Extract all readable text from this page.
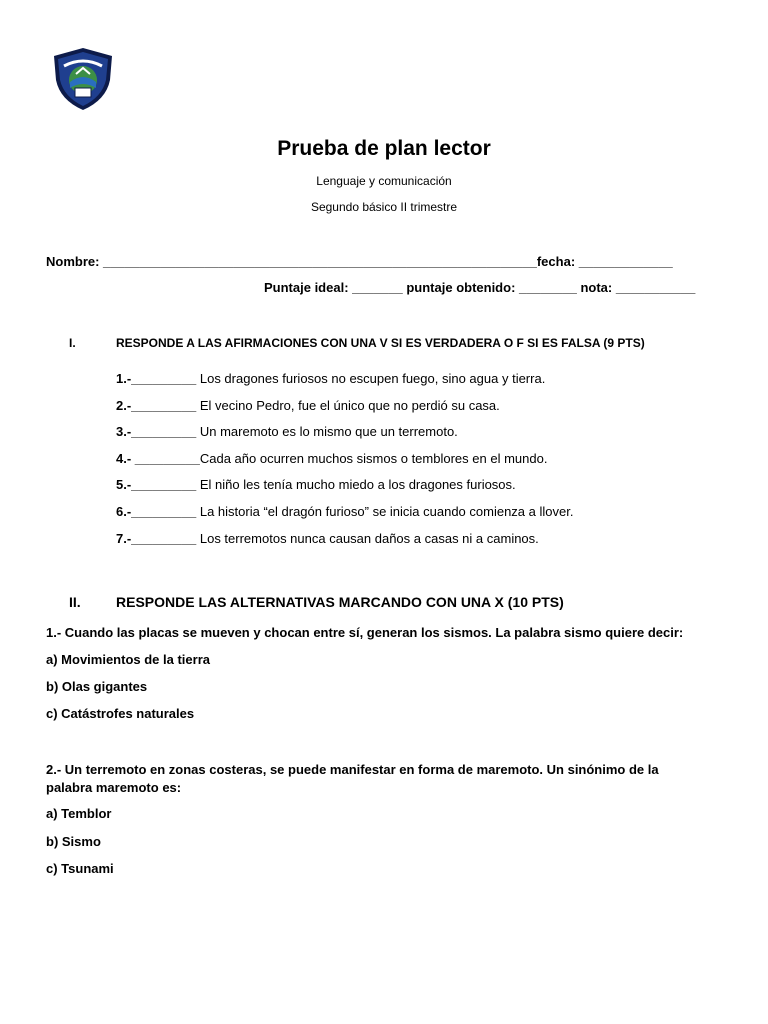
Prueba de plan lector
Lenguaje y comunicación
Segundo básico II trimestre
Nombre: ____________________________________________________________fecha: _____________
Puntaje ideal: _______ puntaje obtenido: ________ nota: ___________
I.	RESPONDE A LAS AFIRMACIONES CON UNA V SI ES VERDADERA O F SI ES FALSA (9 PTS)
1.-_________ Los dragones furiosos no escupen fuego, sino agua y tierra.
2.-_________ El vecino Pedro, fue el único que no perdió su casa.
3.-_________ Un maremoto es lo mismo que un terremoto.
4.- _________Cada año ocurren muchos sismos o temblores en el mundo.
5.-_________ El niño les tenía mucho miedo a los dragones furiosos.
6.-_________ La historia “el dragón furioso” se inicia cuando comienza a llover.
7.-_________ Los terremotos nunca causan daños a casas ni a caminos.
II.	RESPONDE LAS ALTERNATIVAS MARCANDO CON UNA X (10 PTS)
1.- Cuando las placas se mueven y chocan entre sí, generan los sismos. La palabra sismo quiere decir:
a) Movimientos de la tierra
b) Olas gigantes
c) Catástrofes naturales
2.- Un terremoto en zonas costeras, se puede manifestar en forma de maremoto. Un sinónimo de la palabra maremoto es:
a) Temblor
b) Sismo
c) Tsunami
